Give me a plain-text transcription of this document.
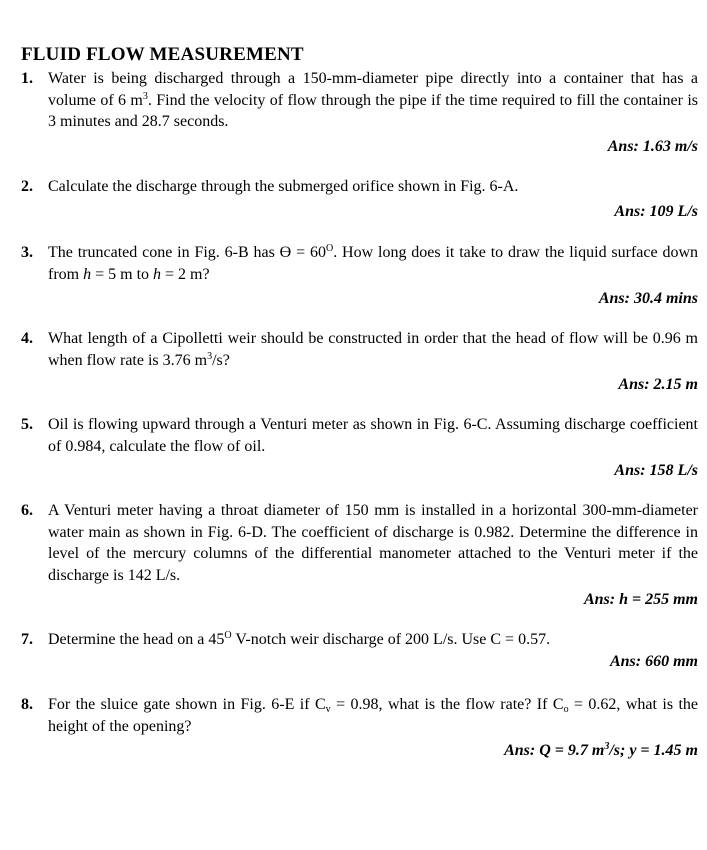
FLUID FLOW MEASUREMENT
1. Water is being discharged through a 150-mm-diameter pipe directly into a container that has a volume of 6 $m^3$. Find the velocity of flow through the pipe if the time required to fill the container is 3 minutes and 28.7 seconds.
Ans: 1.63 m/s
2. Calculate the discharge through the submerged orifice shown in Fig. 6-A.
Ans: 109 L/s
3. The truncated cone in Fig. 6-B has $ϴ = 60^O$. How long does it take to draw the liquid surface down from h = 5 m to h = 2 m?
Ans: 30.4 mins
4. What length of a Cipolletti weir should be constructed in order that the head of flow will be 0.96 m when flow rate is 3.76 $m^3/s$?
Ans: 2.15 m
5. Oil is flowing upward through a Venturi meter as shown in Fig. 6-C. Assuming discharge coefficient of 0.984, calculate the flow of oil.
Ans: 158 L/s
6. A Venturi meter having a throat diameter of 150 mm is installed in a horizontal 300-mm-diameter water main as shown in Fig. 6-D. The coefficient of discharge is 0.982. Determine the difference in level of the mercury columns of the differential manometer attached to the Venturi meter if the discharge is 142 L/s.
Ans: h = 255 mm
7. Determine the head on a $45^O$ V-notch weir discharge of 200 L/s. Use C = 0.57.
Ans: 660 mm
8. For the sluice gate shown in Fig. 6-E if $C_v = 0.98$, what is the flow rate? If $C_o = 0.62$, what is the height of the opening?
Ans: Q = 9.7 $m^3/s$; y = 1.45 m
